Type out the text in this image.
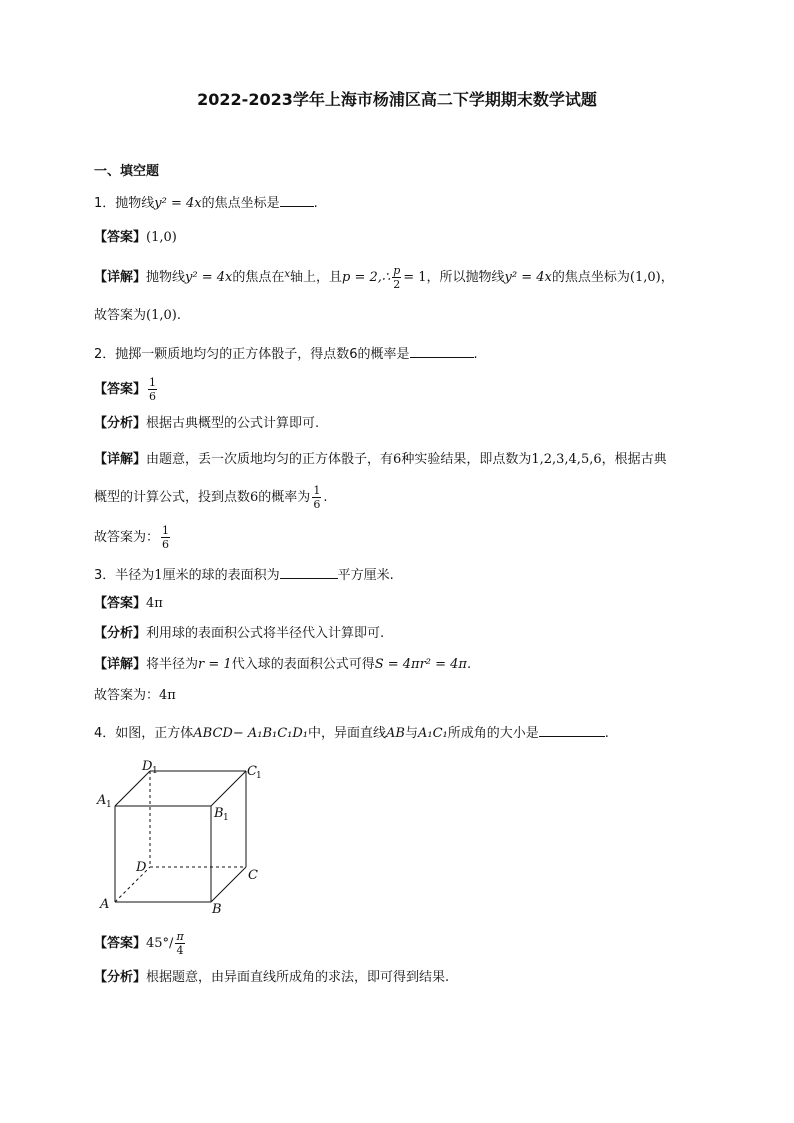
2022-2023学年上海市杨浦区高二下学期期末数学试题
一、填空题
1．抛物线y² = 4x的焦点坐标是	.
【答案】(1,0)
【详解】抛物线y² = 4x的焦点在$^x$轴上，且p = 2,∴ $\frac{p}{2} = 1$，所以抛物线y² = 4x的焦点坐标为(1,0)，
故答案为(1,0).
2．抛掷一颗质地均匀的正方体骰子，得点数6的概率是	.
【答案】 $\frac{1}{6}$
【分析】根据古典概型的公式计算即可.
【详解】由题意，丢一次质地均匀的正方体骰子，有6种实验结果，即点数为1,2,3,4,5,6，根据古典
概型的计算公式，投到点数6的概率为 $\frac{1}{6}$ .
故答案为： $\frac{1}{6}$
3．半径为1厘米的球的表面积为	平方厘米.
【答案】4π
【分析】利用球的表面积公式将半径代入计算即可.
【详解】将半径为r = 1代入球的表面积公式可得S = 4πr² = 4π.
故答案为：4π
4．如图，正方体ABCD− A₁B₁C₁D₁中，异面直线AB与A₁C₁所成角的大小是	.
A	B
C
D
A 1
B 1
C 1
D 1
【答案】$45^\circ/ \frac{\pi}{4}$
【分析】根据题意，由异面直线所成角的求法，即可得到结果.
